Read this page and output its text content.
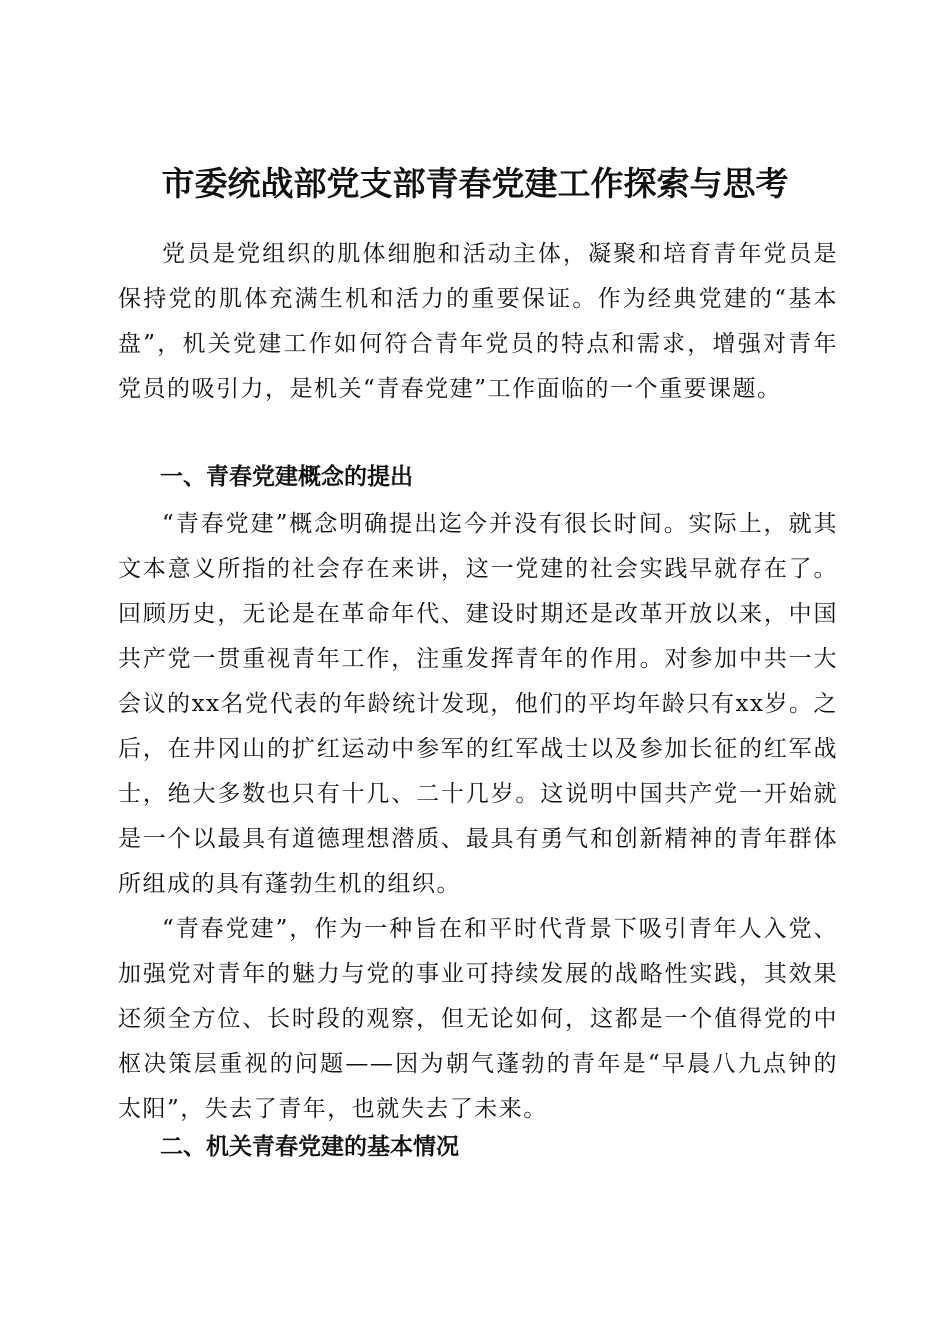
市委统战部党支部青春党建工作探索与思考

党员是党组织的肌体细胞和活动主体，凝聚和培育青年党员是保持党的肌体充满生机和活力的重要保证。作为经典党建的“基本盘”，机关党建工作如何符合青年党员的特点和需求，增强对青年党员的吸引力，是机关“青春党建”工作面临的一个重要课题。

一、青春党建概念的提出

“青春党建”概念明确提出迄今并没有很长时间。实际上，就其文本意义所指的社会存在来讲，这一党建的社会实践早就存在了。回顾历史，无论是在革命年代、建设时期还是改革开放以来，中国共产党一贯重视青年工作，注重发挥青年的作用。对参加中共一大会议的xx名党代表的年龄统计发现，他们的平均年龄只有xx岁。之后，在井冈山的扩红运动中参军的红军战士以及参加长征的红军战士，绝大多数也只有十几、二十几岁。这说明中国共产党一开始就是一个以最具有道德理想潜质、最具有勇气和创新精神的青年群体所组成的具有蓬勃生机的组织。

“青春党建”，作为一种旨在和平时代背景下吸引青年人入党、加强党对青年的魅力与党的事业可持续发展的战略性实践，其效果还须全方位、长时段的观察，但无论如何，这都是一个值得党的中枢决策层重视的问题——因为朝气蓬勃的青年是“早晨八九点钟的太阳”，失去了青年，也就失去了未来。

二、机关青春党建的基本情况
